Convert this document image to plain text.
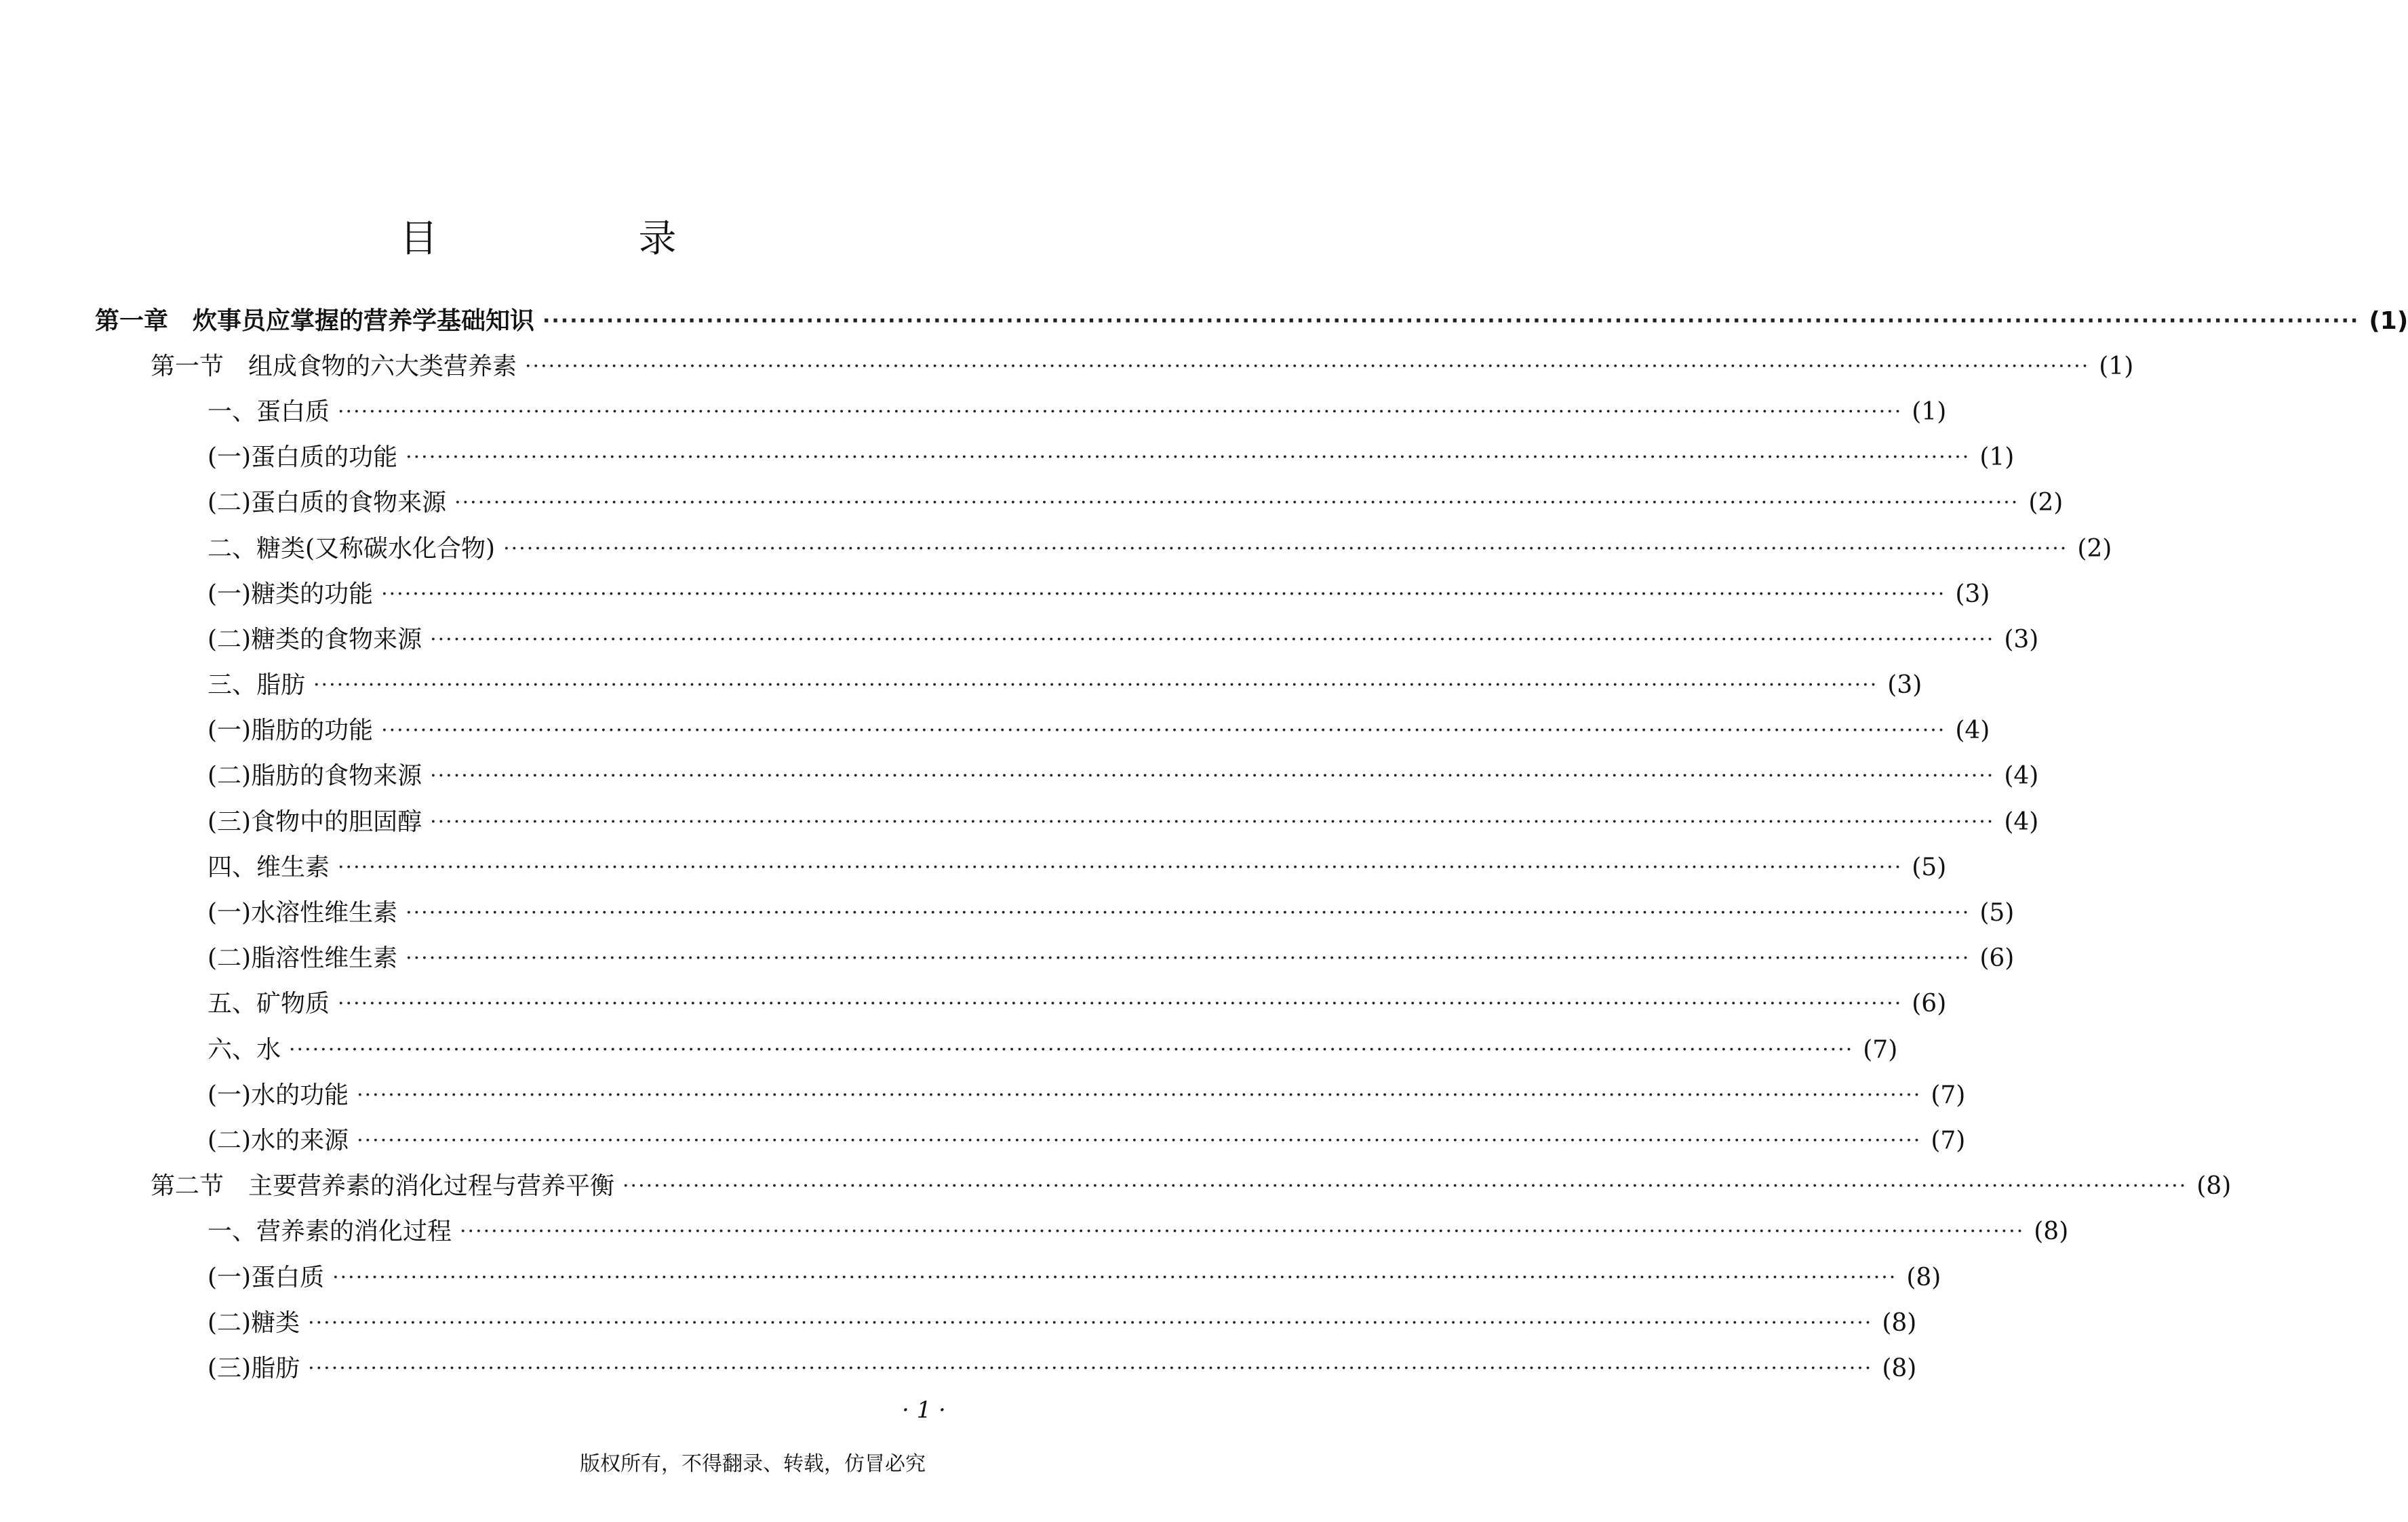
目　录
第一章　炊事员应掌握的营养学基础知识 ········································································································································································································ (1)
第一节　组成食物的六大类营养素 ········································································································································································································ (1)
一、蛋白质 ········································································································································································································ (1)
(一)蛋白质的功能 ········································································································································································································ (1)
(二)蛋白质的食物来源 ········································································································································································································ (2)
二、糖类(又称碳水化合物) ········································································································································································································ (2)
(一)糖类的功能 ········································································································································································································ (3)
(二)糖类的食物来源 ········································································································································································································ (3)
三、脂肪 ········································································································································································································ (3)
(一)脂肪的功能 ········································································································································································································ (4)
(二)脂肪的食物来源 ········································································································································································································ (4)
(三)食物中的胆固醇 ········································································································································································································ (4)
四、维生素 ········································································································································································································ (5)
(一)水溶性维生素 ········································································································································································································ (5)
(二)脂溶性维生素 ········································································································································································································ (6)
五、矿物质 ········································································································································································································ (6)
六、水 ········································································································································································································ (7)
(一)水的功能 ········································································································································································································ (7)
(二)水的来源 ········································································································································································································ (7)
第二节　主要营养素的消化过程与营养平衡 ········································································································································································································ (8)
一、营养素的消化过程 ········································································································································································································ (8)
(一)蛋白质 ········································································································································································································ (8)
(二)糖类 ········································································································································································································ (8)
(三)脂肪 ········································································································································································································ (8)
· 1 ·
版权所有，不得翻录、转载，仿冒必究
